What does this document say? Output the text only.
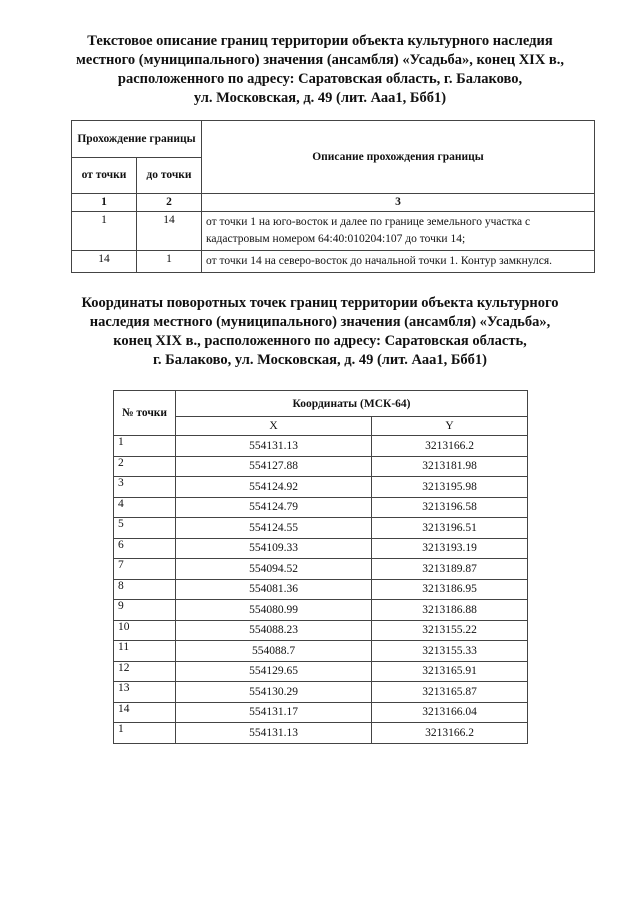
Текстовое описание границ территории объекта культурного наследия
местного (муниципального) значения (ансамбля) «Усадьба», конец XIX в.,
расположенного по адресу: Саратовская область, г. Балаково,
ул. Московская, д. 49 (лит. Ааа1, Ббб1)
Прохождение границы		Описание прохождения границы
от точки	до точки	
1	2	3
1	14	от точки 1 на юго-восток и далее по границе земельного участка с кадастровым номером 64:40:010204:107 до точки 14;
14	1	от точки 14 на северо-восток до начальной точки 1. Контур замкнулся.
Координаты поворотных точек границ территории объекта культурного
наследия местного (муниципального) значения (ансамбля) «Усадьба»,
конец XIX в., расположенного по адресу: Саратовская область,
г. Балаково, ул. Московская, д. 49 (лит. Ааа1, Ббб1)
№ точки	Координаты (МСК-64)	
	X	Y
1	554131.13	3213166.2
2	554127.88	3213181.98
3	554124.92	3213195.98
4	554124.79	3213196.58
5	554124.55	3213196.51
6	554109.33	3213193.19
7	554094.52	3213189.87
8	554081.36	3213186.95
9	554080.99	3213186.88
10	554088.23	3213155.22
11	554088.7	3213155.33
12	554129.65	3213165.91
13	554130.29	3213165.87
14	554131.17	3213166.04
1	554131.13	3213166.2
